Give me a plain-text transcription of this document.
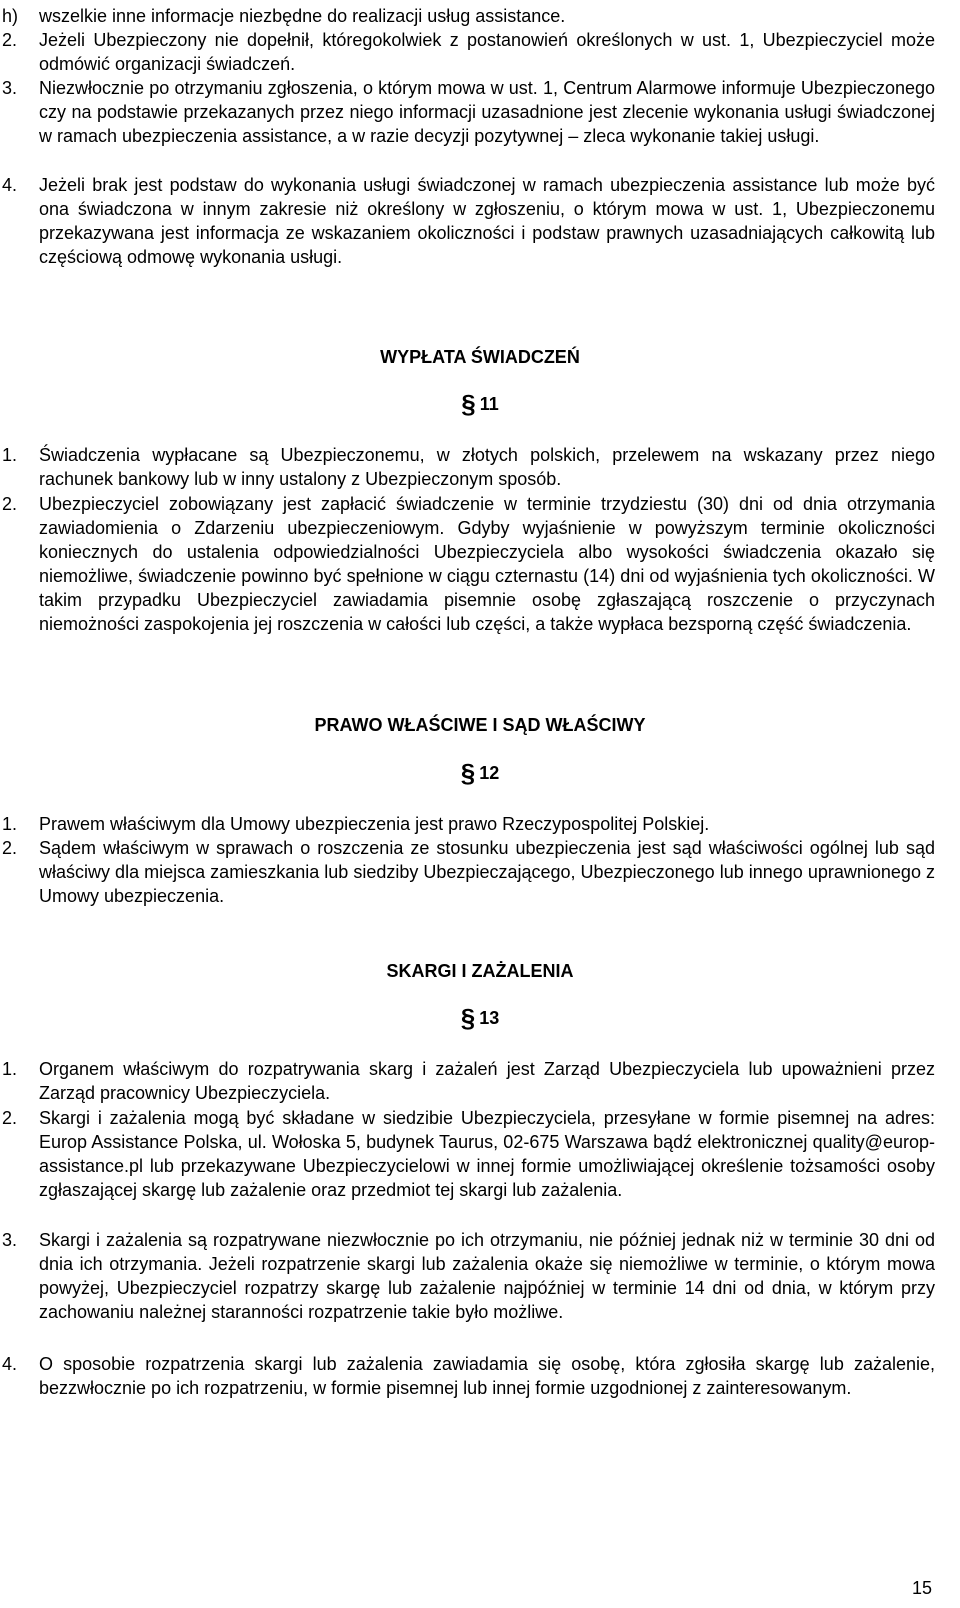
h)	wszelkie inne informacje niezbędne do realizacji usług assistance.
2.	Jeżeli Ubezpieczony nie dopełnił, któregokolwiek z postanowień określonych w ust. 1, Ubezpieczyciel może odmówić organizacji świadczeń.
3.	Niezwłocznie po otrzymaniu zgłoszenia, o którym mowa w ust. 1, Centrum Alarmowe informuje Ubezpieczonego czy na podstawie przekazanych przez niego informacji uzasadnione jest zlecenie wykonania usługi świadczonej w ramach ubezpieczenia assistance, a w razie decyzji pozytywnej – zleca wykonanie takiej usługi.
4.	Jeżeli brak jest podstaw do wykonania usługi świadczonej w ramach ubezpieczenia assistance lub może być ona świadczona w innym zakresie niż określony w zgłoszeniu, o którym mowa w ust. 1, Ubezpieczonemu przekazywana jest informacja ze wskazaniem okoliczności i podstaw prawnych uzasadniających całkowitą lub częściową odmowę wykonania usługi.
WYPŁATA ŚWIADCZEŃ
§ 11
1.	Świadczenia wypłacane są Ubezpieczonemu, w złotych polskich, przelewem na wskazany przez niego rachunek bankowy lub w inny ustalony z Ubezpieczonym sposób.
2.	Ubezpieczyciel zobowiązany jest zapłacić świadczenie w terminie trzydziestu (30) dni od dnia otrzymania zawiadomienia o Zdarzeniu ubezpieczeniowym. Gdyby wyjaśnienie w powyższym terminie okoliczności koniecznych do ustalenia odpowiedzialności Ubezpieczyciela albo wysokości świadczenia okazało się niemożliwe, świadczenie powinno być spełnione w ciągu czternastu (14) dni od wyjaśnienia tych okoliczności. W takim przypadku Ubezpieczyciel zawiadamia pisemnie osobę zgłaszającą roszczenie o przyczynach niemożności zaspokojenia jej roszczenia w całości lub części, a także wypłaca bezsporną część świadczenia.
PRAWO WŁAŚCIWE I SĄD WŁAŚCIWY
§ 12
1.	Prawem właściwym dla Umowy ubezpieczenia jest prawo Rzeczypospolitej Polskiej.
2.	Sądem właściwym w sprawach o roszczenia ze stosunku ubezpieczenia jest sąd właściwości ogólnej lub sąd właściwy dla miejsca zamieszkania lub siedziby Ubezpieczającego, Ubezpieczonego lub innego uprawnionego z Umowy ubezpieczenia.
SKARGI I ZAŻALENIA
§ 13
1.	Organem właściwym do rozpatrywania skarg i zażaleń jest Zarząd Ubezpieczyciela lub upoważnieni przez Zarząd pracownicy Ubezpieczyciela.
2.	Skargi i zażalenia mogą być składane w siedzibie Ubezpieczyciela, przesyłane w formie pisemnej na adres: Europ Assistance Polska, ul. Wołoska 5, budynek Taurus, 02-675 Warszawa bądź elektronicznej quality@europ-assistance.pl lub przekazywane Ubezpieczycielowi w innej formie umożliwiającej określenie tożsamości osoby zgłaszającej skargę lub zażalenie oraz przedmiot tej skargi lub zażalenia.
3.	Skargi i zażalenia są rozpatrywane niezwłocznie po ich otrzymaniu, nie później jednak niż w terminie 30 dni od dnia ich otrzymania. Jeżeli rozpatrzenie skargi lub zażalenia okaże się niemożliwe w terminie, o którym mowa powyżej, Ubezpieczyciel rozpatrzy skargę lub zażalenie najpóźniej w terminie 14 dni od dnia, w którym przy zachowaniu należnej staranności rozpatrzenie takie było możliwe.
4.	O sposobie rozpatrzenia skargi lub zażalenia zawiadamia się osobę, która zgłosiła skargę lub zażalenie, bezzwłocznie po ich rozpatrzeniu, w formie pisemnej lub innej formie uzgodnionej z zainteresowanym.
15
